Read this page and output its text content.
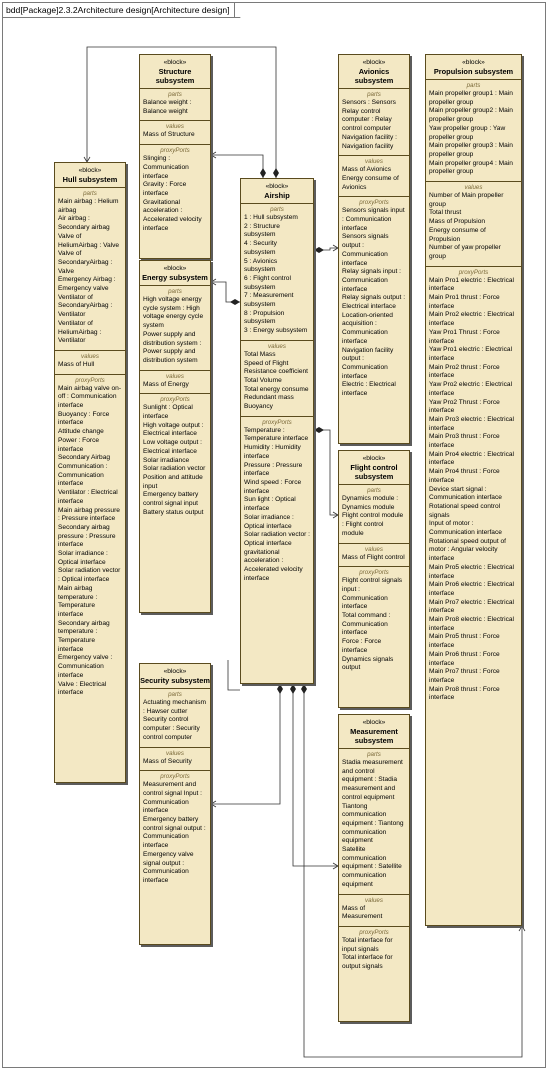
bdd[Package]2.3.2Architecture design[Architecture design]
«block»
Structure subsystem
parts
Balance weight : Balance weight
values
Mass of Structure
proxyPorts
Slinging : Communication interface
Gravity : Force interface
Gravitational acceleration : Accelerated velocity interface
«block»
Hull subsystem
parts
Main airbag : Helium airbag
Air airbag : Secondary airbag
Valve of HeliumAirbag : Valve
Valve of SecondaryAirbag : Valve
Emergency Airbag : Emergency valve
Ventilator of SecondaryAirbag : Ventilator
Ventilator of HeliumAirbag : Ventilator
values
Mass of Hull
proxyPorts
Main airbag valve on-off : Communication interface
Buoyancy : Force interface
Attitude change Power : Force interface
Secondary Airbag Communication : Communication interface
Ventilator : Electrical interface
Main airbag pressure : Pressure interface
Secondary airbag pressure : Pressure interface
Solar irradiance : Optical interface
Solar radiation vector : Optical interface
Main airbag temperature : Temperature interface
Secondary airbag temperature : Temperature interface
Emergency valve : Communication interface
Valve : Electrical interface
«block»
Energy subsystem
parts
High voltage energy cycle system : High voltage energy cycle system
Power supply and distribution system : Power supply and distribution system
values
Mass of Energy
proxyPorts
Sunlight : Optical interface
High voltage output : Electrical interface
Low voltage output : Electrical interface
Solar irradiance
Solar radiation vector
Position and attitude input
Emergency battery control signal input
Battery status output
«block»
Airship
parts
1 : Hull subsystem
2 : Structure subsystem
4 : Security subsystem
5 : Avionics subsystem
6 : Flight control subsystem
7 : Measurement subsystem
8 : Propulsion subsystem
3 : Energy subsystem
values
Total Mass
Speed of Flight
Resistance coefficient
Total Volume
Total energy consume
Redundant mass
Buoyancy
proxyPorts
Temperature : Temperature interface
Humidity : Humidity interface
Pressure : Pressure interface
Wind speed : Force interface
Sun light : Optical interface
Solar irradiance : Optical interface
Solar radiation vector : Optical interface
gravitational acceleration : Accelerated velocity interface
«block»
Avionics subsystem
parts
Sensors : Sensors
Relay control computer : Relay control computer
Navigation facility : Navigation facility
values
Mass of Avionics
Energy consume of Avionics
proxyPorts
Sensors signals input : Communication interface
Sensors signals output : Communication interface
Relay signals input : Communication interface
Relay signals output : Electrical interface
Location-oriented acquisition : Communication interface
Navigation facility output : Communication interface
Electric : Electrical interface
«block»
Flight control subsystem
parts
Dynamics module : Dynamics module
Flight control module : Flight control module
values
Mass of Flight control
proxyPorts
Flight control signals input : Communication interface
Total command : Communication interface
Force : Force interface
Dynamics signals output
«block»
Propulsion subsystem
parts
Main propeller group1 : Main propeller group
Main propeller group2 : Main propeller group
Yaw propeller group : Yaw propeller group
Main propeller group3 : Main propeller group
Main propeller group4 : Main propeller group
values
Number of Main propeller group
Total thrust
Mass of Propulsion
Energy consume of Propulsion
Number of yaw propeller group
proxyPorts
Main Pro1 electric : Electrical interface
Main Pro1 thrust : Force interface
Main Pro2 electric : Electrical interface
Yaw Pro1 Thrust : Force interface
Yaw Pro1 electric : Electrical interface
Main Pro2 thrust : Force interface
Yaw Pro2 electric : Electrical interface
Yaw Pro2 Thrust : Force interface
Main Pro3 electric : Electrical interface
Main Pro3 thrust : Force interface
Main Pro4 electric : Electrical interface
Main Pro4 thrust : Force interface
Device start signal : Communication interface
Rotational speed control signals
Input of motor : Communication interface
Rotational speed output of motor : Angular velocity interface
Main Pro5 electric : Electrical interface
Main Pro6 electric : Electrical interface
Main Pro7 electric : Electrical interface
Main Pro8 electric : Electrical interface
Main Pro5 thrust : Force interface
Main Pro6 thrust : Force interface
Main Pro7 thrust : Force interface
Main Pro8 thrust : Force interface
«block»
Security subsystem
parts
Actuating mechanism : Hawser cutter
Security control computer : Security control computer
values
Mass of Security
proxyPorts
Measurement and control signal Input : Communication interface
Emergency battery control signal output : Communication interface
Emergency valve signal output : Communication interface
«block»
Measurement subsystem
parts
Stadia measurement and control equipment : Stadia measurement and control equipment
Tiantong communication equipment : Tiantong communication equipment
Satellite communication equipment : Satellite communication equipment
values
Mass of Measurement
proxyPorts
Total interface for input signals
Total interface for output signals
